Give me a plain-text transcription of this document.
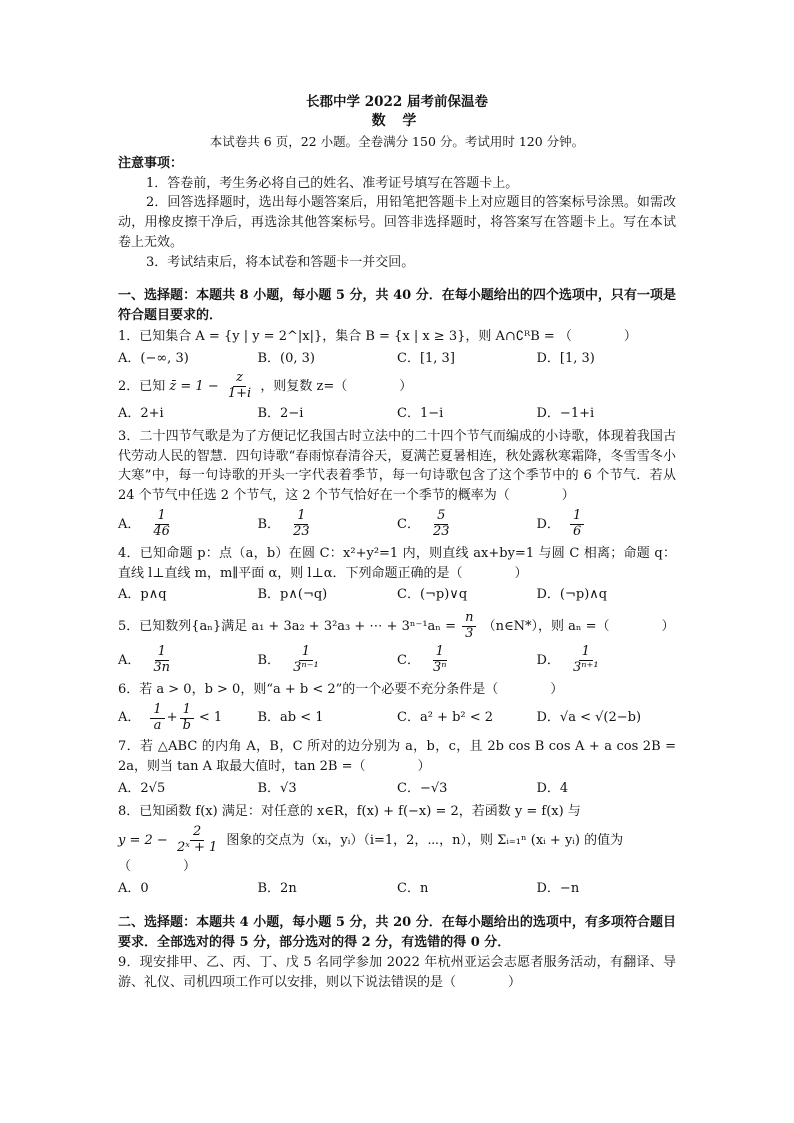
长郡中学 2022 届考前保温卷

数 学

本试卷共 6 页，22 小题。全卷满分 150 分。考试用时 120 分钟。

注意事项：

1．答卷前，考生务必将自己的姓名、准考证号填写在答题卡上。

2．回答选择题时，选出每小题答案后，用铅笔把答题卡上对应题目的答案标号涂黑。如需改动，用橡皮擦干净后，再选涂其他答案标号。回答非选择题时，将答案写在答题卡上。写在本试卷上无效。

3．考试结束后，将本试卷和答题卡一并交回。

一、选择题：本题共 8 小题，每小题 5 分，共 40 分．在每小题给出的四个选项中，只有一项是符合题目要求的．

1．已知集合 A = {y | y = 2^|x|}，集合 B = {x | x ≥ 3}，则 A∩∁ᴿB = （　　　　）

A．(−∞, 3)	B．(0, 3)	C．[1, 3]	D．[1, 3)

2．已知 z̄ = $1 - \frac{z}{1+i}$ ，则复数 z=（　　　　）

A．2+i	B．2−i	C．1−i	D．−1+i

3．二十四节气歌是为了方便记忆我国古时立法中的二十四个节气而编成的小诗歌，体现着我国古代劳动人民的智慧．四句诗歌“春雨惊春清谷天，夏满芒夏暑相连，秋处露秋寒霜降，冬雪雪冬小大寒”中，每一句诗歌的开头一字代表着季节，每一句诗歌包含了这个季节中的 6 个节气．若从 24 个节气中任选 2 个节气，这 2 个节气恰好在一个季节的概率为（　　　　）

A． $\frac{1}{46}$	B． $\frac{1}{23}$	C． $\frac{5}{23}$	D． $\frac{1}{6}$

4．已知命题 p：点（a，b）在圆 C：x²+y²=1 内，则直线 ax+by=1 与圆 C 相离；命题 q：直线 l⊥直线 m，m∥平面 α，则 l⊥α．下列命题正确的是（　　　　）

A．p∧q	B．p∧(¬q)	C．(¬p)∨q	D．(¬p)∧q

5．已知数列{aₙ}满足 a₁ + 3a₂ + 3²a₃ + ⋯ + $3^{n-1}a_n = \frac{n}{3}$ （n∈N*），则 aₙ =（　　　　）

A． $\frac{1}{3n}$	B． $\frac{1}{\text{3ⁿ⁻¹}}$	C． $\frac{1}{\text{3ⁿ}}$	D． $\frac{1}{\text{3ⁿ⁺¹}}$

6．若 a > 0，b > 0，则“a + b < 2”的一个必要不充分条件是（　　　　）

A． $\frac{1}{a} + \frac{1}{b} < 1$	B．ab < 1	C．a² + b² < 2	D．√a < √(2−b)

7．若 △ABC 的内角 A，B，C 所对的边分别为 a，b，c，且 2b cos B cos A + a cos 2B = 2a，则当 tan A 取最大值时，tan 2B =（　　　　）

A．2√5	B．√3	C．−√3	D．4

8．已知函数 f(x) 满足：对任意的 x∈R，f(x) + f(−x) = 2，若函数 y = f(x) 与

$y = 2 - \frac{2}{\text{2ˣ + 1}}$ 图象的交点为（xᵢ，yᵢ）（i=1，2，⋯，n），则 Σᵢ₌₁ⁿ (xᵢ + yᵢ) 的值为

（　　　　）

A．0	B．2n	C．n	D．−n

二、选择题：本题共 4 小题，每小题 5 分，共 20 分．在每小题给出的选项中，有多项符合题目要求．全部选对的得 5 分，部分选对的得 2 分，有选错的得 0 分．

9．现安排甲、乙、丙、丁、戊 5 名同学参加 2022 年杭州亚运会志愿者服务活动，有翻译、导游、礼仪、司机四项工作可以安排，则以下说法错误的是（　　　　）
